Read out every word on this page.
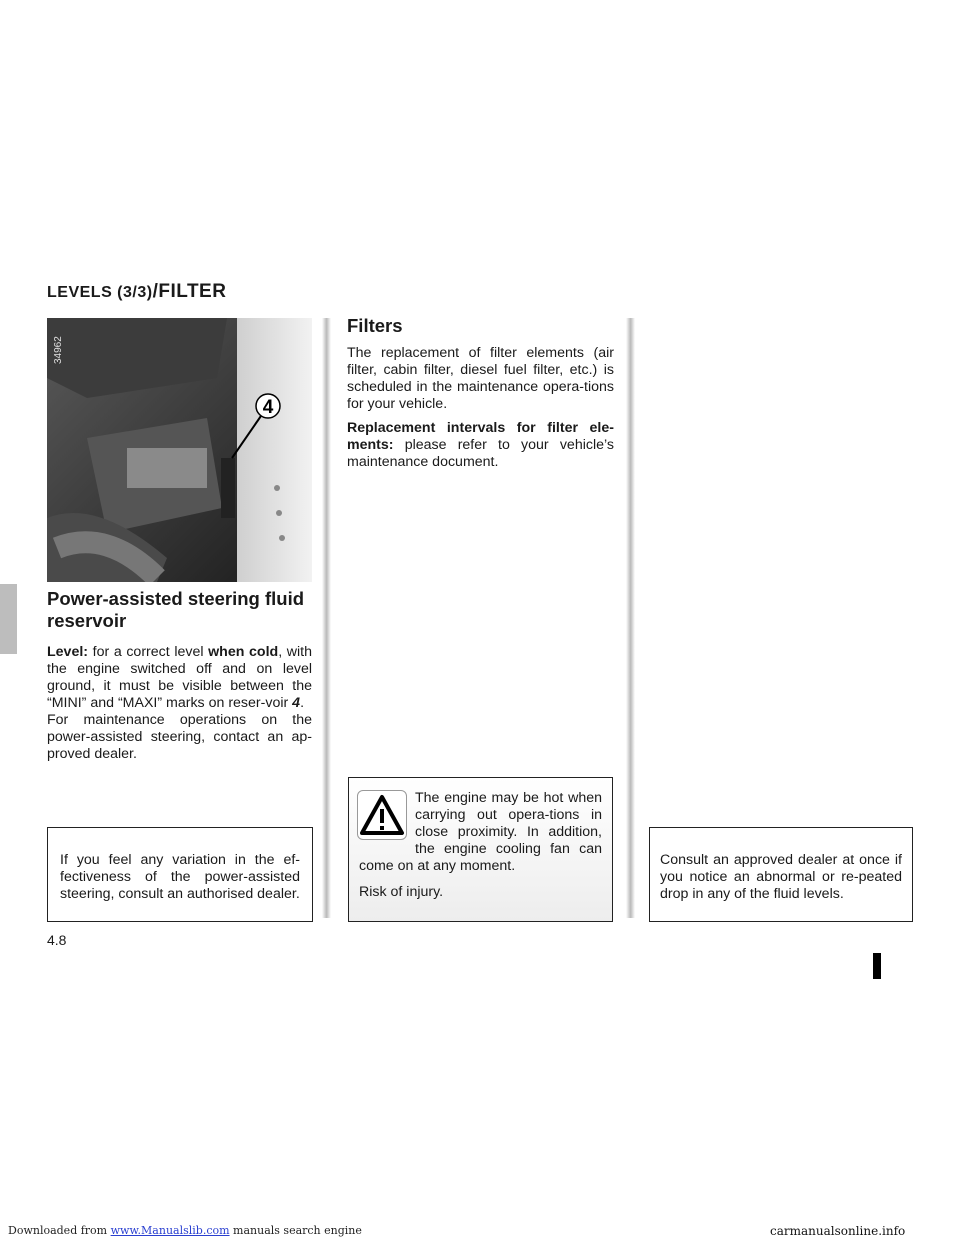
Downloaded from www.Manualslib.com manuals search engine	carmanualsonline.info
LEVELS (3/3)/FILTER
4
34962
Power-assisted steering fluid reservoir

Level: for a correct level when cold, with the engine switched off and on level ground, it must be visible between the “MINI” and “MAXI” marks on reser-voir 4.

For maintenance operations on the power-assisted steering, contact an ap-proved dealer.

If you feel any variation in the ef-fectiveness of the power-assisted steering, consult an authorised dealer.

Filters

The replacement of filter elements (air filter, cabin filter, diesel fuel filter, etc.) is scheduled in the maintenance opera-tions for your vehicle.

Replacement intervals for filter ele-ments: please refer to your vehicle’s maintenance document.

The engine may be hot when carrying out opera-tions in close proximity. In addition, the engine cooling fan can come on at any moment.

Risk of injury.

Consult an approved dealer at once if you notice an abnormal or re-peated drop in any of the fluid levels.

4.8
